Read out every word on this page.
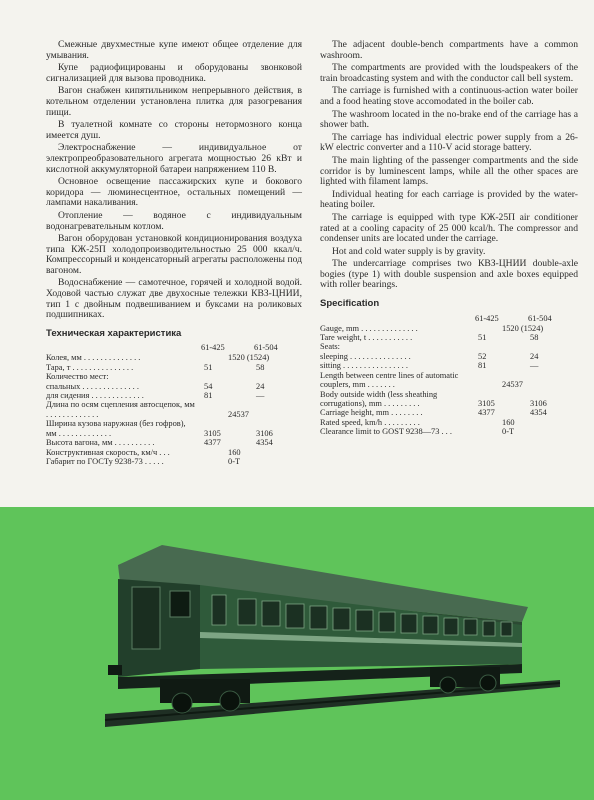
Смежные двухместные купе имеют общее отделение для умывания.

Купе радиофицированы и оборудованы звонковой сигнализацией для вызова проводника.

Вагон снабжен кипятильником непрерывного действия, в котельном отделении установлена плитка для разогревания пищи.

В туалетной комнате со стороны нетормозного конца имеется душ.

Электроснабжение — индивидуальное от электропреобразовательного агрегата мощностью 26 кВт и кислотной аккумуляторной батареи напряжением 110 В.

Основное освещение пассажирских купе и бокового коридора — люминесцентное, остальных помещений — лампами накаливания.

Отопление — водяное с индивидуальным водонагревательным котлом.

Вагон оборудован установкой кондиционирования воздуха типа КЖ-25П холодопроизводительностью 25 000 ккал/ч. Компрессорный и конденсаторный агрегаты расположены под вагоном.

Водоснабжение — самотечное, горячей и холодной водой. Ходовой частью служат две двухосные тележки КВЗ-ЦНИИ, тип 1 с двойным подвешиванием и буксами на роликовых подшипниках.

Техническая характеристика
61-425	61-504
Колея, мм . . . . . . . . . . . . . .	1520 (1524)
Тара, т . . . . . . . . . . . . . . .	51	58
Количество мест:
спальных . . . . . . . . . . . . . .	54	24
для сидения . . . . . . . . . . . . .	81	—
Длина по осям сцепления автосцепок, мм . . . . . . . . . . . . .	24537
Ширина кузова наружная (без гофров), мм . . . . . . . . . . . . .	3105	3106
Высота вагона, мм . . . . . . . . . .	4377	4354
Конструктивная скорость, км/ч . . .	160
Габарит по ГОСТу 9238-73 . . . . .	0-Т

The adjacent double-bench compartments have a common washroom.

The compartments are provided with the loudspeakers of the train broadcasting system and with the conductor call bell system.

The carriage is furnished with a continuous-action water boiler and a food heating stove accomodated in the boiler cab.

The washroom located in the no-brake end of the carriage has a shower bath.

The carriage has individual electric power supply from a 26-kW electric converter and a 110-V acid storage battery.

The main lighting of the passenger compartments and the side corridor is by luminescent lamps, while all the other spaces are lighted with filament lamps.

Individual heating for each carriage is provided by the water-heating boiler.

The carriage is equipped with type КЖ-25П air conditioner rated at a cooling capacity of 25 000 kcal/h. The compressor and condenser units are located under the carriage.

Hot and cold water supply is by gravity.

The undercarriage comprises two КВЗ-ЦНИИ double-axle bogies (type 1) with double suspension and axle boxes equipped with roller bearings.

Specification
61-425	61-504
Gauge, mm . . . . . . . . . . . . . .	1520 (1524)
Tare weight, t . . . . . . . . . . .	51	58
Seats:
sleeping . . . . . . . . . . . . . . .	52	24
sitting . . . . . . . . . . . . . . . .	81	—
Length between centre lines of automatic couplers, mm . . . . . . .	24537
Body outside width (less sheathing corrugations), mm . . . . . . . . .	3105	3106
Carriage height, mm . . . . . . . .	4377	4354
Rated speed, km/h . . . . . . . . .	160
Clearance limit to GOST 9238—73 . . .	0-T
